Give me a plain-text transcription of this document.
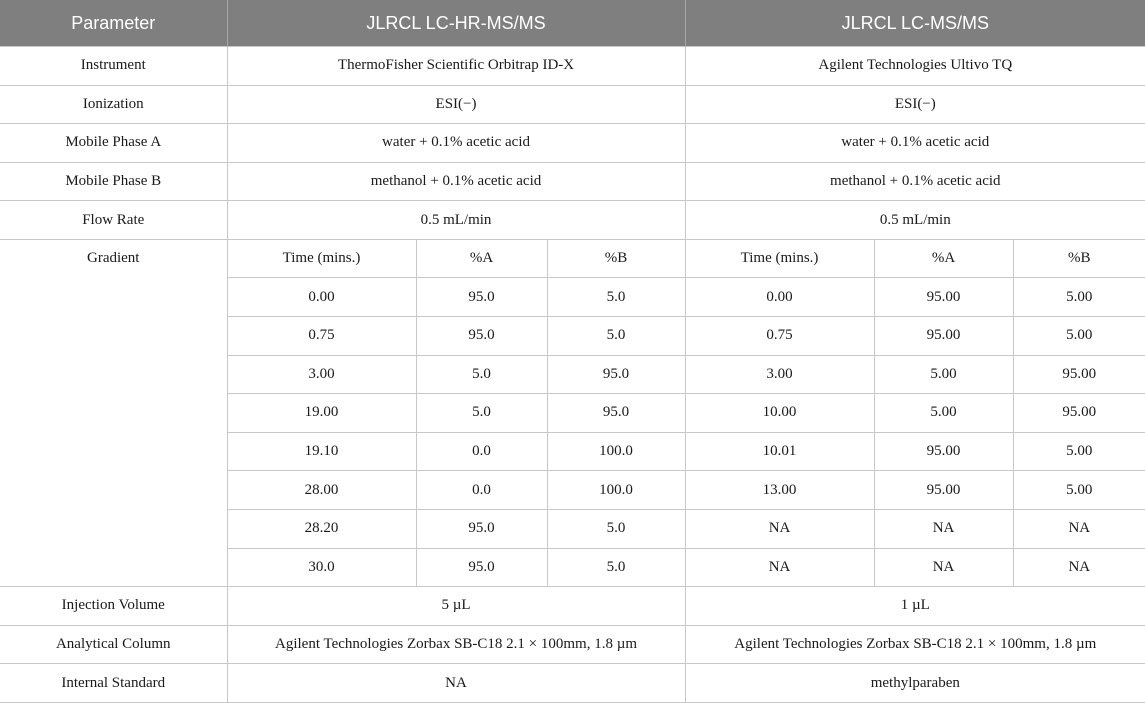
Parameter	JLRCL LC-HR-MS/MS			JLRCL LC-MS/MS		
Instrument	ThermoFisher Scientific Orbitrap ID-X			Agilent Technologies Ultivo TQ		
Ionization	ESI(−)			ESI(−)		
Mobile Phase A	water + 0.1% acetic acid			water + 0.1% acetic acid		
Mobile Phase B	methanol + 0.1% acetic acid			methanol + 0.1% acetic acid		
Flow Rate	0.5 mL/min			0.5 mL/min		
Gradient	Time (mins.)	%A	%B	Time (mins.)	%A	%B
	0.00	95.0	5.0	0.00	95.00	5.00
	0.75	95.0	5.0	0.75	95.00	5.00
	3.00	5.0	95.0	3.00	5.00	95.00
	19.00	5.0	95.0	10.00	5.00	95.00
	19.10	0.0	100.0	10.01	95.00	5.00
	28.00	0.0	100.0	13.00	95.00	5.00
	28.20	95.0	5.0	NA	NA	NA
	30.0	95.0	5.0	NA	NA	NA
Injection Volume	5 µL			1 µL		
Analytical Column	Agilent Technologies Zorbax SB-C18 2.1 × 100mm, 1.8 µm			Agilent Technologies Zorbax SB-C18 2.1 × 100mm, 1.8 µm		
Internal Standard	NA			methylparaben		
